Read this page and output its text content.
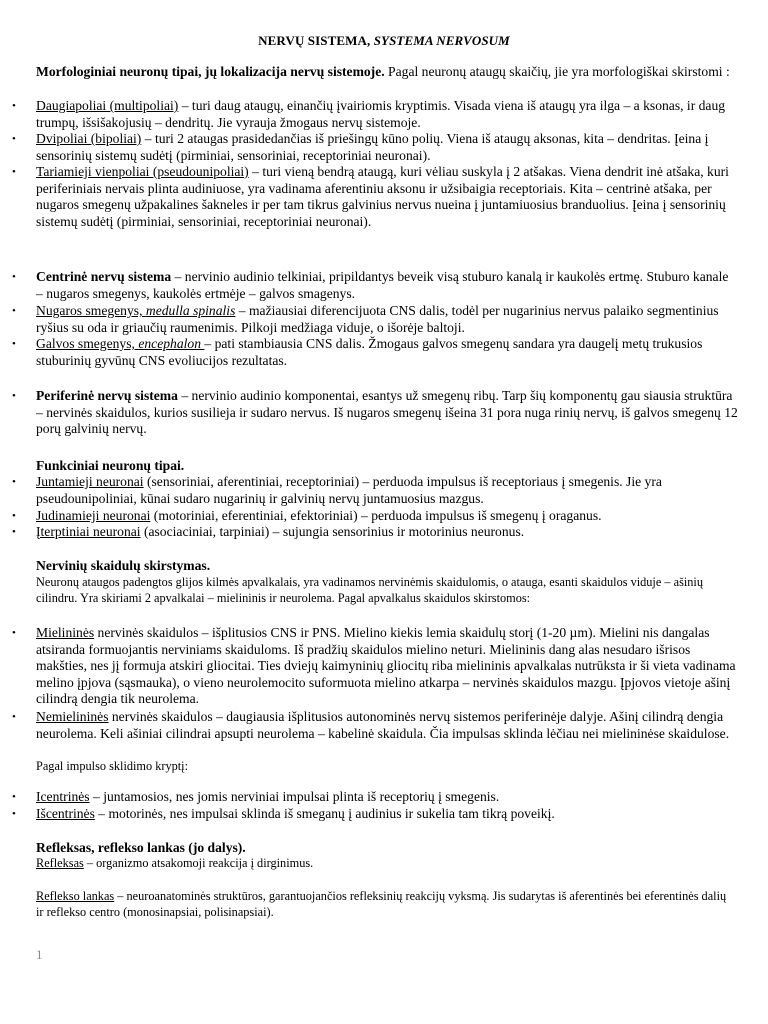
NERVŲ SISTEMA, SYSTEMA NERVOSUM

Morfologiniai neuronų tipai, jų lokalizacija nervų sistemoje. Pagal neuronų ataugų skaičių, jie yra morfologiškai skirstomi :

• Daugiapoliai (multipoliai) – turi daug ataugų, einančių įvairiomis kryptimis. Visada viena iš ataugų yra ilga – a ksonas, ir daug trumpų, išsišakojusių – dendritų. Jie vyrauja žmogaus nervų sistemoje.
• Dvipoliai (bipoliai) – turi 2 ataugas prasidedančias iš priešingų kūno polių. Viena iš ataugų aksonas, kita – dendritas. Įeina į sensorinių sistemų sudėtį (pirminiai, sensoriniai, receptoriniai neuronai).
• Tariamieji vienpoliai (pseudounipoliai) – turi vieną bendrą ataugą, kuri vėliau suskyla į 2 atšakas. Viena dendrit inė atšaka, kuri periferiniais nervais plinta audiniuose, yra vadinama aferentiniu aksonu ir užsibaigia receptoriais. Kita – centrinė atšaka, per nugaros smegenų užpakalines šakneles ir per tam tikrus galvinius nervus nueina į juntamiuosius branduolius. Įeina į sensorinių sistemų sudėtį (pirminiai, sensoriniai, receptoriniai neuronai).
• Centrinė nervų sistema – nervinio audinio telkiniai, pripildantys beveik visą stuburo kanalą ir kaukolės ertmę. Stuburo kanale – nugaros smegenys, kaukolės ertmėje – galvos smagenys.
• Nugaros smegenys, medulla spinalis – mažiausiai diferencijuota CNS dalis, todėl per nugarinius nervus palaiko segmentinius ryšius su oda ir griaučių raumenimis. Pilkoji medžiaga viduje, o išorėje baltoji.
• Galvos smegenys, encephalon – pati stambiausia CNS dalis. Žmogaus galvos smegenų sandara yra daugelį metų trukusios stuburinių gyvūnų CNS evoliucijos rezultatas.
• Periferinė nervų sistema – nervinio audinio komponentai, esantys už smegenų ribų. Tarp šių komponentų gau siausia struktūra – nervinės skaidulos, kurios susilieja ir sudaro nervus. Iš nugaros smegenų išeina 31 pora nuga rinių nervų, iš galvos smegenų 12 porų galvinių nervų.

Funkciniai neuronų tipai.

• Juntamieji neuronai (sensoriniai, aferentiniai, receptoriniai) – perduoda impulsus iš receptoriaus į smegenis. Jie yra pseudounipoliniai, kūnai sudaro nugarinių ir galvinių nervų juntamuosius mazgus.
• Judinamieji neuronai (motoriniai, eferentiniai, efektoriniai) – perduoda impulsus iš smegenų į oraganus.
• Įterptiniai neuronai (asociaciniai, tarpiniai) – sujungia sensorinius ir motorinius neuronus.

Nervinių skaidulų skirstymas.

Neuronų ataugos padengtos glijos kilmės apvalkalais, yra vadinamos nervinėmis skaidulomis, o atauga, esanti skaidulos viduje – ašinių cilindru. Yra skiriami 2 apvalkalai – mielininis ir neurolema. Pagal apvalkalus skaidulos skirstomos:

• Mielininės nervinės skaidulos – išplitusios CNS ir PNS. Mielino kiekis lemia skaidulų storį (1-20 µm). Mielini nis dangalas atsiranda formuojantis nerviniams skaiduloms. Iš pradžių skaidulos mielino neturi. Mielininis dang alas nesudaro išrisos makšties, nes jį formuja atskiri gliocitai. Ties dviejų kaimyninių gliocitų riba mielininis apvalkalas nutrūksta ir ši vieta vadinama melino įpjova (sąsmauka), o vieno neurolemocito suformuota mielino atkarpa – nervinės skaidulos mazgu. Įpjovos vietoje ašinį cilindrą dengia tik neurolema.
• Nemielininės nervinės skaidulos – daugiausia išplitusios autonominės nervų sistemos periferinėje dalyje. Ašinį cilindrą dengia neurolema. Keli ašiniai cilindrai apsupti neurolema – kabelinė skaidula. Čia impulsas sklinda lėčiau nei mielininėse skaidulose.

Pagal impulso sklidimo kryptį:

• Icentrinės – juntamosios, nes jomis nerviniai impulsai plinta iš receptorių į smegenis.
• Išcentrinės – motorinės, nes impulsai sklinda iš smeganų į audinius ir sukelia tam tikrą poveikį.

Refleksas, reflekso lankas (jo dalys).

Refleksas – organizmo atsakomoji reakcija į dirginimus.

Reflekso lankas – neuroanatominės struktūros, garantuojančios refleksinių reakcijų vyksmą. Jis sudarytas iš aferentinės bei eferentinės dalių ir reflekso centro (monosinapsiai, polisinapsiai).

1
